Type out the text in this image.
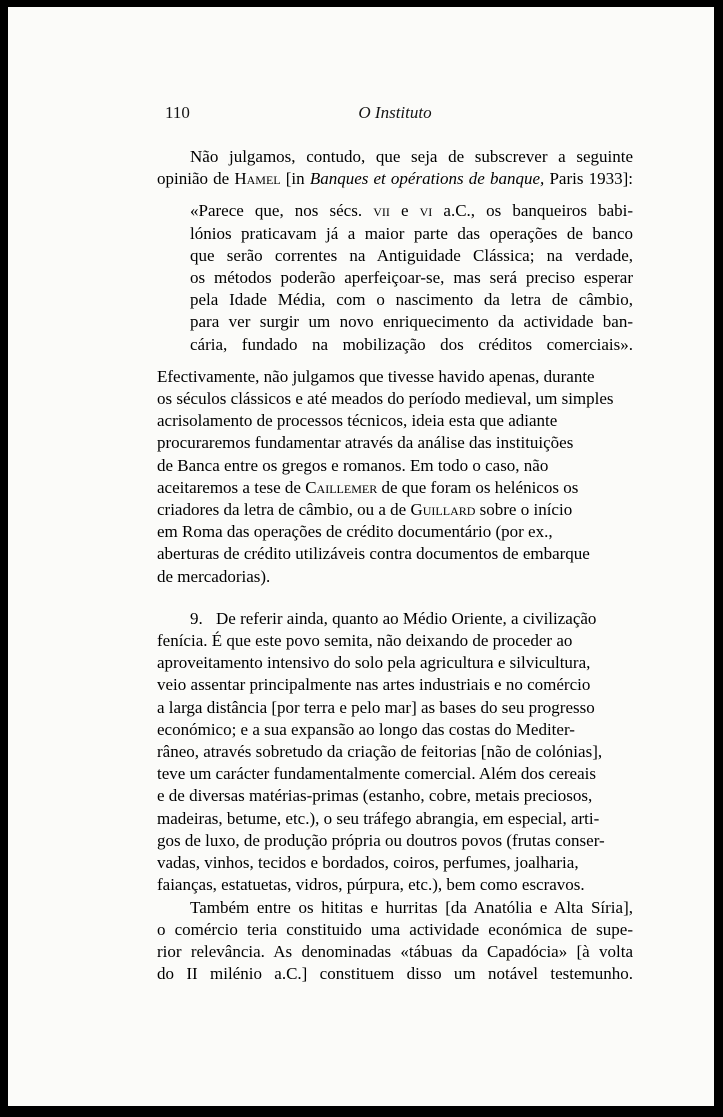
110	O Instituto

Não julgamos, contudo, que seja de subscrever a seguinte
opinião de Hamel [in Banques et opérations de banque, Paris 1933]:

«Parece que, nos sécs. vii e vi a.C., os banqueiros babi-
lónios praticavam já a maior parte das operações de banco
que serão correntes na Antiguidade Clássica; na verdade,
os métodos poderão aperfeiçoar-se, mas será preciso esperar
pela Idade Média, com o nascimento da letra de câmbio,
para ver surgir um novo enriquecimento da actividade ban-
cária, fundado na mobilização dos créditos comerciais».

Efectivamente, não julgamos que tivesse havido apenas, durante
os séculos clássicos e até meados do período medieval, um simples
acrisolamento de processos técnicos, ideia esta que adiante
procuraremos fundamentar através da análise das instituições
de Banca entre os gregos e romanos. Em todo o caso, não
aceitaremos a tese de Caillemer de que foram os helénicos os
criadores da letra de câmbio, ou a de Guillard sobre o início
em Roma das operações de crédito documentário (por ex.,
aberturas de crédito utilizáveis contra documentos de embarque
de mercadorias).

9. De referir ainda, quanto ao Médio Oriente, a civilização
fenícia. É que este povo semita, não deixando de proceder ao
aproveitamento intensivo do solo pela agricultura e silvicultura,
veio assentar principalmente nas artes industriais e no comércio
a larga distância [por terra e pelo mar] as bases do seu progresso
económico; e a sua expansão ao longo das costas do Mediter-
râneo, através sobretudo da criação de feitorias [não de colónias],
teve um carácter fundamentalmente comercial. Além dos cereais
e de diversas matérias-primas (estanho, cobre, metais preciosos,
madeiras, betume, etc.), o seu tráfego abrangia, em especial, arti-
gos de luxo, de produção própria ou doutros povos (frutas conser-
vadas, vinhos, tecidos e bordados, coiros, perfumes, joalharia,
faianças, estatuetas, vidros, púrpura, etc.), bem como escravos.

Também entre os hititas e hurritas [da Anatólia e Alta Síria],
o comércio teria constituido uma actividade económica de supe-
rior relevância. As denominadas «tábuas da Capadócia» [à volta
do II milénio a.C.] constituem disso um notável testemunho.
